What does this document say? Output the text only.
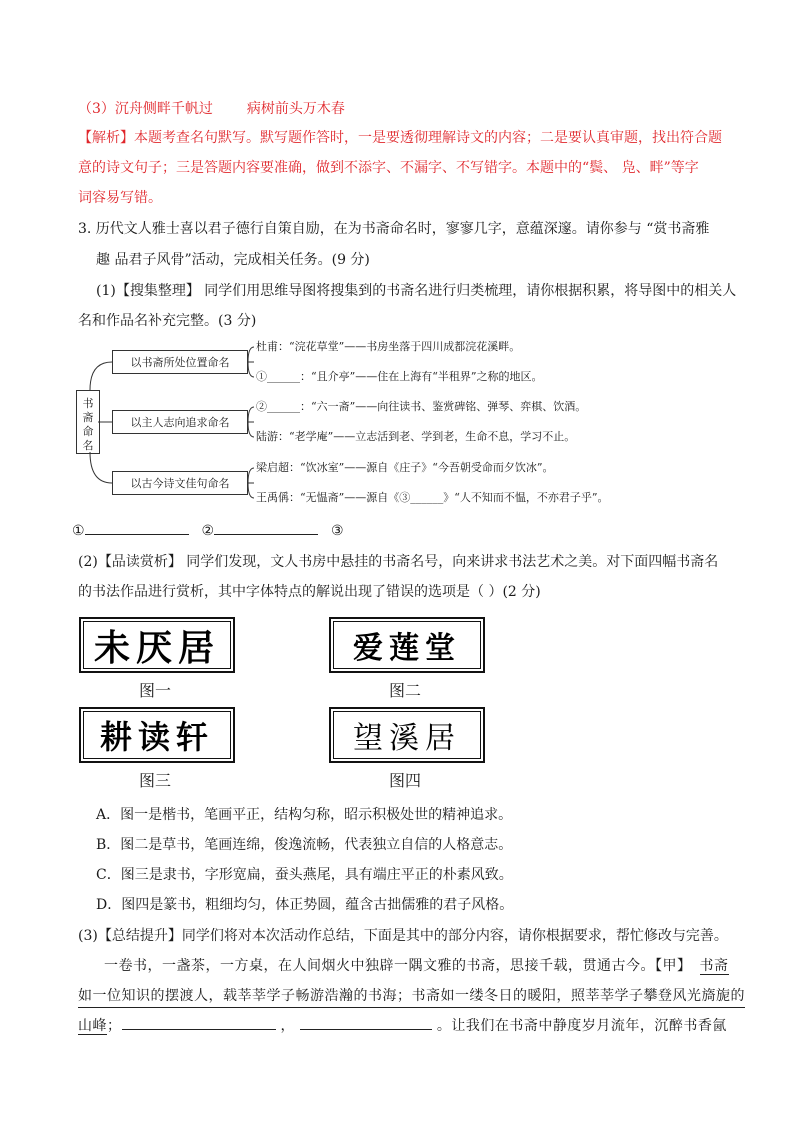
（3）沉舟侧畔千帆过 病树前头万木春
【解析】本题考查名句默写。默写题作答时，一是要透彻理解诗文的内容；二是要认真审题，找出符合题
意的诗文句子；三是答题内容要准确，做到不添字、不漏字、不写错字。本题中的“鬓、 凫、畔”等字
词容易写错。
3. 历代文人雅士喜以君子德行自策自励，在为书斋命名时，寥寥几字，意蕴深邃。请你参与 “赏书斋雅
趣 品君子风骨”活动，完成相关任务。(9 分)
(1)【搜集整理】 同学们用思维导图将搜集到的书斋名进行归类梳理，请你根据积累，将导图中的相关人
名和作品名补充完整。(3 分)
书
斋
命
名
以书斋所处位置命名
杜甫：“浣花草堂”——书房坐落于四川成都浣花溪畔。
①______：“且介亭”——住在上海有“半租界”之称的地区。
以主人志向追求命名
②______：“六一斋”——向往读书、鉴赏碑铭、弹琴、弈棋、饮酒。
陆游：“老学庵”——立志活到老、学到老，生命不息，学习不止。
以古今诗文佳句命名
梁启超：“饮冰室”——源自《庄子》“今吾朝受命而夕饮冰”。
王禹偁：“无愠斋”——源自《③______》“人不知而不愠，不亦君子乎”。
①	②	③
(2)【品读赏析】 同学们发现，文人书房中悬挂的书斋名号，向来讲求书法艺术之美。对下面四幅书斋名
的书法作品进行赏析，其中字体特点的解说出现了错误的选项是（ ）(2 分)
未厌居
图一
爱莲堂
图二
耕读轩
图三
望溪居
图四
A．图一是楷书，笔画平正，结构匀称，昭示积极处世的精神追求。
B．图二是草书，笔画连绵，俊逸流畅，代表独立自信的人格意志。
C．图三是隶书，字形宽扁，蚕头燕尾，具有端庄平正的朴素风致。
D．图四是篆书，粗细均匀，体正势圆，蕴含古拙儒雅的君子风格。
(3)【总结提升】同学们将对本次活动作总结，下面是其中的部分内容，请你根据要求，帮忙修改与完善。
一卷书，一盏茶，一方桌，在人间烟火中独辟一隅文雅的书斋，思接千载，贯通古今。【甲】 书斋
如一位知识的摆渡人，载莘莘学子畅游浩瀚的书海；书斋如一缕冬日的暖阳，照莘莘学子攀登风光旖旎的
山峰；	，	。让我们在书斋中静度岁月流年，沉醉书香氤
